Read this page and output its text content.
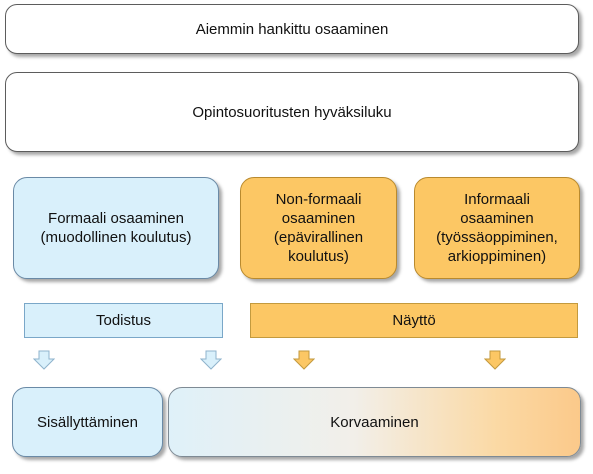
Aiemmin hankittu osaaminen
Opintosuoritusten hyväksiluku
Formaali osaaminen
(muodollinen koulutus)
Non-formaali
osaaminen
(epävirallinen
koulutus)
Informaali
osaaminen
(työssäoppiminen,
arkioppiminen)
Todistus	Näyttö
Sisällyttäminen	Korvaaminen
